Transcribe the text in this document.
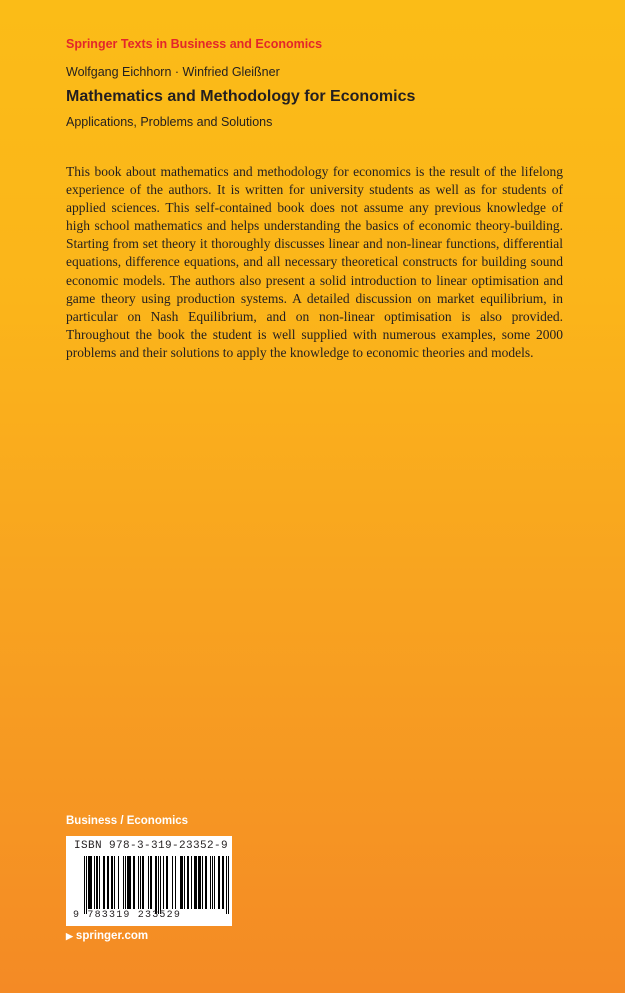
Springer Texts in Business and Economics
Wolfgang Eichhorn · Winfried Gleißner
Mathematics and Methodology for Economics
Applications, Problems and Solutions
This book about mathematics and methodology for economics is the result of the lifelong experience of the authors. It is written for university students as well as for students of applied sciences. This self-contained book does not assume any previous knowledge of high school mathematics and helps understanding the basics of economic theory-building. Starting from set theory it thoroughly discusses linear and non-linear functions, differential equations, difference equations, and all necessary theoretical constructs for building sound economic models. The authors also present a solid introduction to linear optimisation and game theory using production systems. A detailed discussion on market equilibrium, in particular on Nash Equilibrium, and on non-linear optimisation is also provided. Throughout the book the student is well supplied with numerous examples, some 2000 problems and their solutions to apply the knowledge to economic theories and models.
Business / Economics
ISBN 978-3-319-23352-9
9 783319 233529
▶ springer.com
